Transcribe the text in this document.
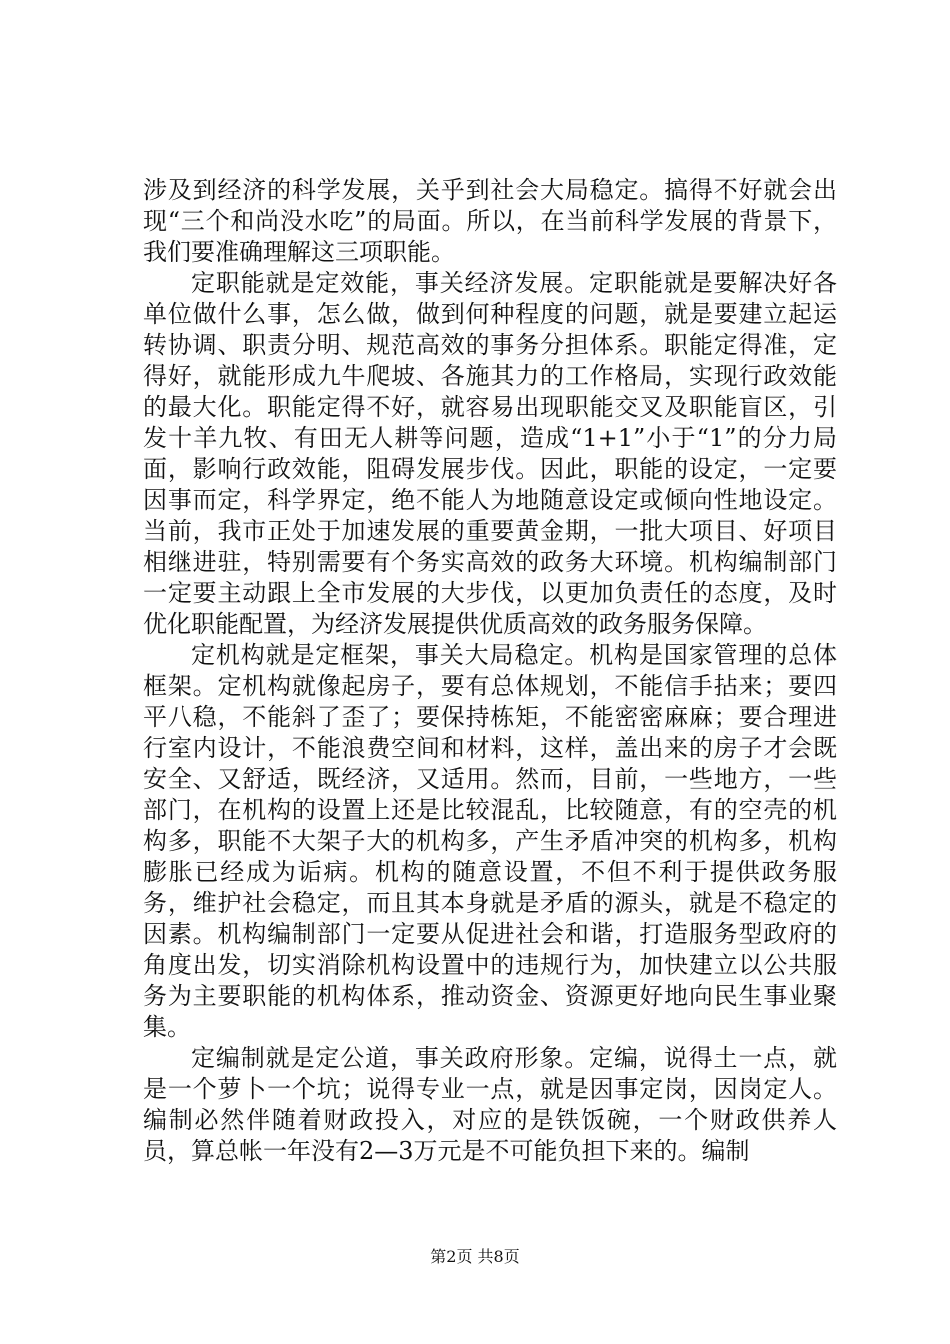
涉及到经济的科学发展，关乎到社会大局稳定。搞得不好就会出现“三个和尚没水吃”的局面。所以，在当前科学发展的背景下，我们要准确理解这三项职能。

定职能就是定效能，事关经济发展。定职能就是要解决好各单位做什么事，怎么做，做到何种程度的问题，就是要建立起运转协调、职责分明、规范高效的事务分担体系。职能定得准，定得好，就能形成九牛爬坡、各施其力的工作格局，实现行政效能的最大化。职能定得不好，就容易出现职能交叉及职能盲区，引发十羊九牧、有田无人耕等问题，造成“1+1”小于“1”的分力局面，影响行政效能，阻碍发展步伐。因此，职能的设定，一定要因事而定，科学界定，绝不能人为地随意设定或倾向性地设定。当前，我市正处于加速发展的重要黄金期，一批大项目、好项目相继进驻，特别需要有个务实高效的政务大环境。机构编制部门一定要主动跟上全市发展的大步伐，以更加负责任的态度，及时优化职能配置，为经济发展提供优质高效的政务服务保障。

定机构就是定框架，事关大局稳定。机构是国家管理的总体框架。定机构就像起房子，要有总体规划，不能信手拈来；要四平八稳，不能斜了歪了；要保持栋矩，不能密密麻麻；要合理进行室内设计，不能浪费空间和材料，这样，盖出来的房子才会既安全、又舒适，既经济，又适用。然而，目前，一些地方，一些部门，在机构的设置上还是比较混乱，比较随意，有的空壳的机构多，职能不大架子大的机构多，产生矛盾冲突的机构多，机构膨胀已经成为诟病。机构的随意设置，不但不利于提供政务服务，维护社会稳定，而且其本身就是矛盾的源头，就是不稳定的因素。机构编制部门一定要从促进社会和谐，打造服务型政府的角度出发，切实消除机构设置中的违规行为，加快建立以公共服务为主要职能的机构体系，推动资金、资源更好地向民生事业聚集。

定编制就是定公道，事关政府形象。定编，说得土一点，就是一个萝卜一个坑；说得专业一点，就是因事定岗，因岗定人。编制必然伴随着财政投入，对应的是铁饭碗，一个财政供养人员，算总帐一年没有2—3万元是不可能负担下来的。编制

第2页 共8页
